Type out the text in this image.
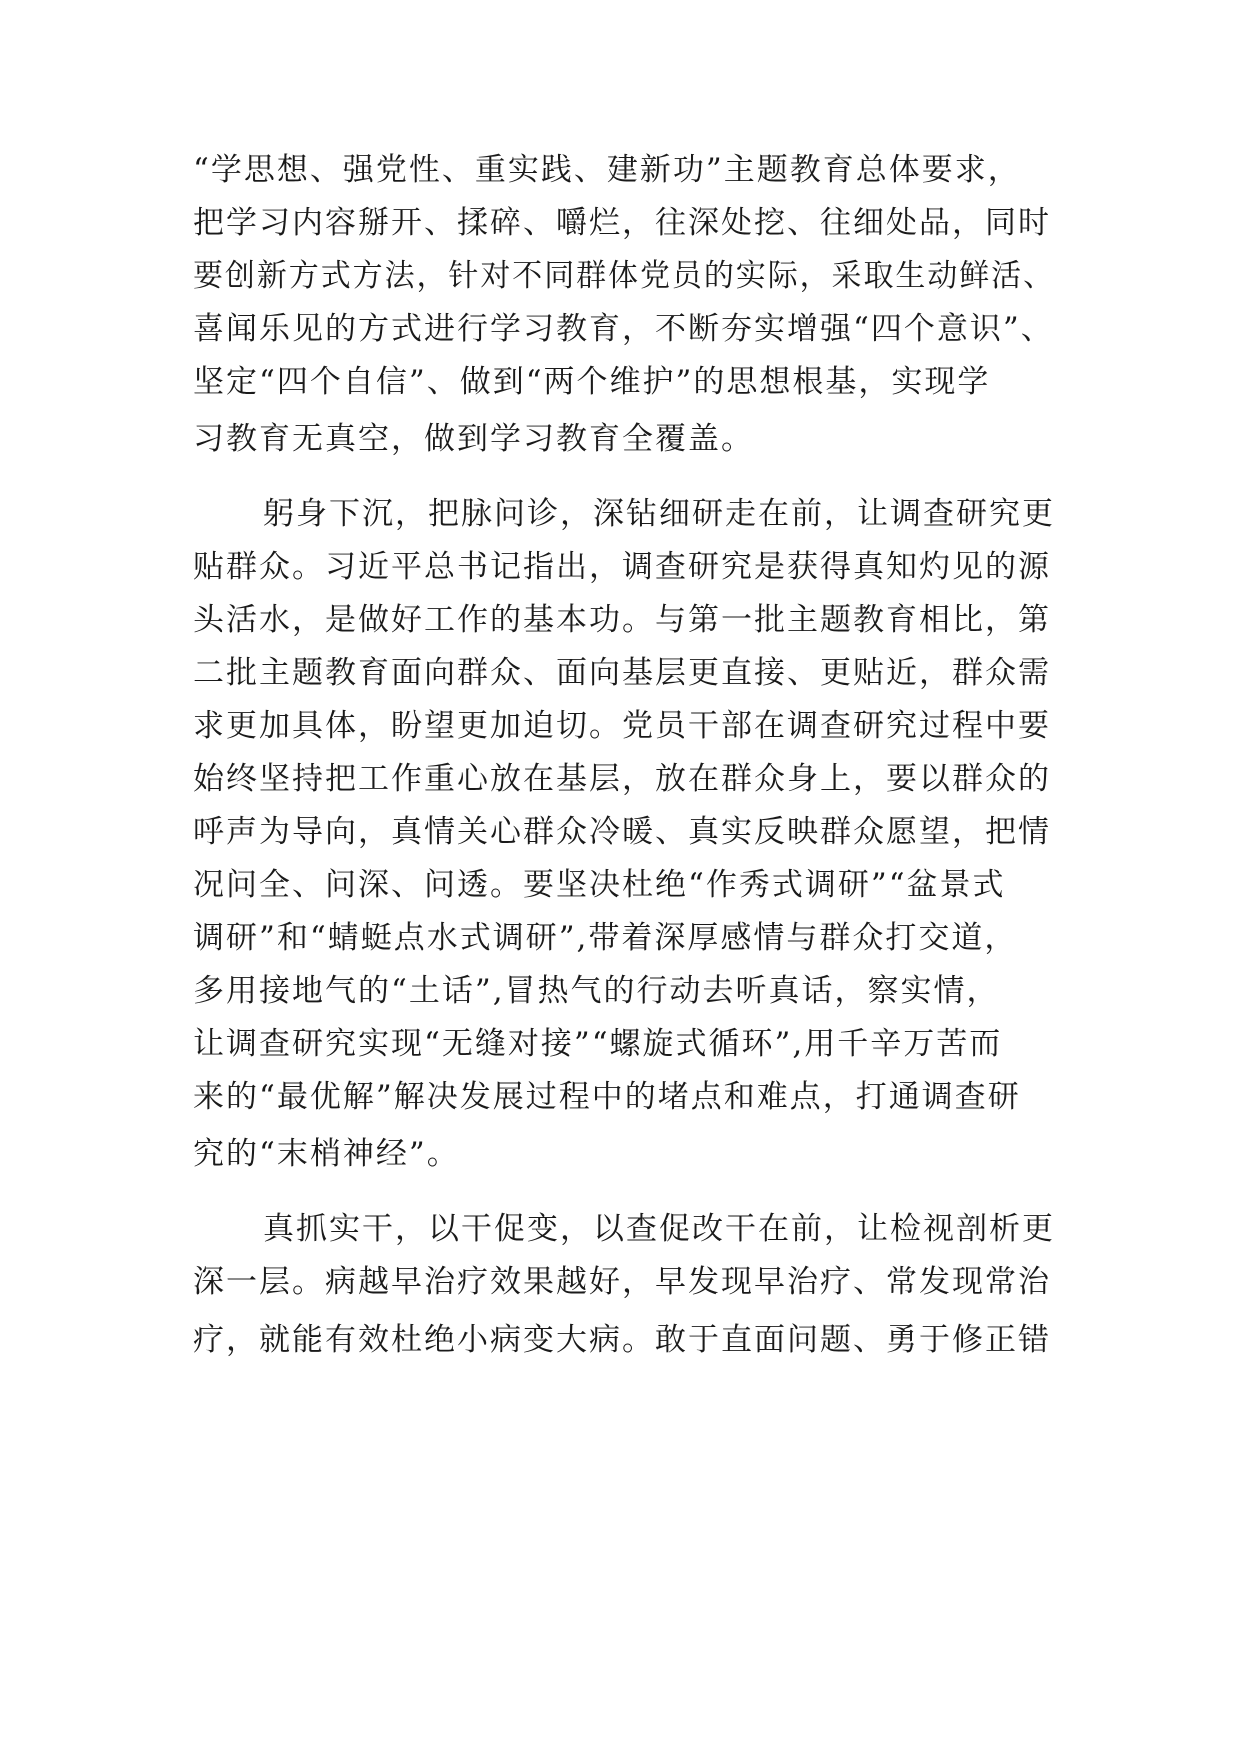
“学思想、强党性、重实践、建新功”主题教育总体要求，
把学习内容掰开、揉碎、嚼烂，往深处挖、往细处品，同时
要创新方式方法，针对不同群体党员的实际，采取生动鲜活、
喜闻乐见的方式进行学习教育，不断夯实增强“四个意识”、
坚定“四个自信”、做到“两个维护”的思想根基，实现学
习教育无真空，做到学习教育全覆盖。
躬身下沉，把脉问诊，深钻细研走在前，让调查研究更
贴群众。习近平总书记指出，调查研究是获得真知灼见的源
头活水，是做好工作的基本功。与第一批主题教育相比，第
二批主题教育面向群众、面向基层更直接、更贴近，群众需
求更加具体，盼望更加迫切。党员干部在调查研究过程中要
始终坚持把工作重心放在基层，放在群众身上，要以群众的
呼声为导向，真情关心群众冷暖、真实反映群众愿望，把情
况问全、问深、问透。要坚决杜绝“作秀式调研”“盆景式
调研”和“蜻蜓点水式调研”,带着深厚感情与群众打交道，
多用接地气的“土话”,冒热气的行动去听真话，察实情，
让调查研究实现“无缝对接”“螺旋式循环”,用千辛万苦而
来的“最优解”解决发展过程中的堵点和难点，打通调查研
究的“末梢神经”。
真抓实干，以干促变，以查促改干在前，让检视剖析更
深一层。病越早治疗效果越好，早发现早治疗、常发现常治
疗，就能有效杜绝小病变大病。敢于直面问题、勇于修正错
